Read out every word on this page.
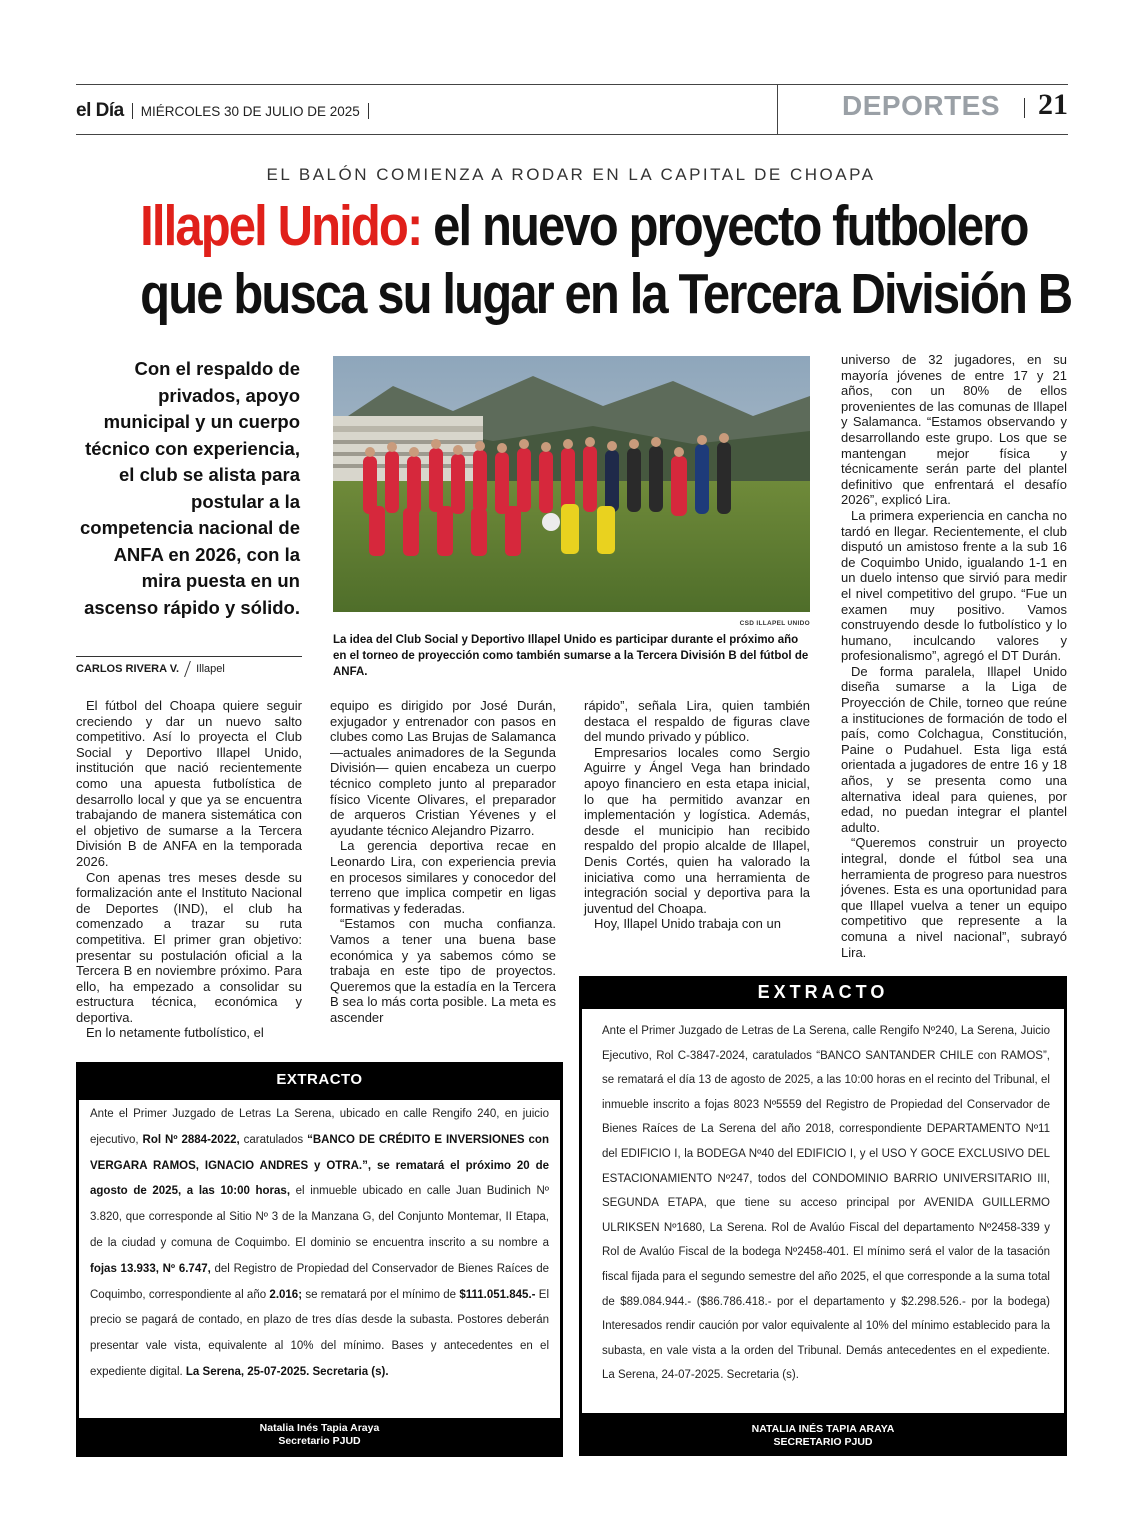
el Día MIÉRCOLES 30 DE JULIO DE 2025	DEPORTES 21
EL BALÓN COMIENZA A RODAR EN LA CAPITAL DE CHOAPA
Illapel Unido: el nuevo proyecto futbolero
que busca su lugar en la Tercera División B
Con el respaldo de privados, apoyo municipal y un cuerpo técnico con experiencia, el club se alista para postular a la competencia nacional de ANFA en 2026, con la mira puesta en un ascenso rápido y sólido.
CARLOS RIVERA V. Illapel
CSD ILLAPEL UNIDO
La idea del Club Social y Deportivo Illapel Unido es participar durante el próximo año en el torneo de proyección como también sumarse a la Tercera División B del fútbol de ANFA.

El fútbol del Choapa quiere seguir creciendo y dar un nuevo salto competitivo. Así lo proyecta el Club Social y Deportivo Illapel Unido, institución que nació recientemente como una apuesta futbolística de desarrollo local y que ya se encuentra trabajando de manera sistemática con el objetivo de sumarse a la Tercera División B de ANFA en la temporada 2026.

Con apenas tres meses desde su formalización ante el Instituto Nacional de Deportes (IND), el club ha comenzado a trazar su ruta competitiva. El primer gran objetivo: presentar su postulación oficial a la Tercera B en noviembre próximo. Para ello, ha empezado a consolidar su estructura técnica, económica y deportiva.

En lo netamente futbolístico, el

equipo es dirigido por José Durán, exjugador y entrenador con pasos en clubes como Las Brujas de Salamanca —actuales animadores de la Segunda División— quien encabeza un cuerpo técnico completo junto al preparador físico Vicente Olivares, el preparador de arqueros Cristian Yévenes y el ayudante técnico Alejandro Pizarro.

La gerencia deportiva recae en Leonardo Lira, con experiencia previa en procesos similares y conocedor del terreno que implica competir en ligas formativas y federadas.

“Estamos con mucha confianza. Vamos a tener una buena base económica y ya sabemos cómo se trabaja en este tipo de proyectos. Queremos que la estadía en la Tercera B sea lo más corta posible. La meta es ascender

rápido”, señala Lira, quien también destaca el respaldo de figuras clave del mundo privado y público.

Empresarios locales como Sergio Aguirre y Ángel Vega han brindado apoyo financiero en esta etapa inicial, lo que ha permitido avanzar en implementación y logística. Además, desde el municipio han recibido respaldo del propio alcalde de Illapel, Denis Cortés, quien ha valorado la iniciativa como una herramienta de integración social y deportiva para la juventud del Choapa.

Hoy, Illapel Unido trabaja con un

universo de 32 jugadores, en su mayoría jóvenes de entre 17 y 21 años, con un 80% de ellos provenientes de las comunas de Illapel y Salamanca. “Estamos observando y desarrollando este grupo. Los que se mantengan mejor física y técnicamente serán parte del plantel definitivo que enfrentará el desafío 2026”, explicó Lira.

La primera experiencia en cancha no tardó en llegar. Recientemente, el club disputó un amistoso frente a la sub 16 de Coquimbo Unido, igualando 1-1 en un duelo intenso que sirvió para medir el nivel competitivo del grupo. “Fue un examen muy positivo. Vamos construyendo desde lo futbolístico y lo humano, inculcando valores y profesionalismo”, agregó el DT Durán.

De forma paralela, Illapel Unido diseña sumarse a la Liga de Proyección de Chile, torneo que reúne a instituciones de formación de todo el país, como Colchagua, Constitución, Paine o Pudahuel. Esta liga está orientada a jugadores de entre 16 y 18 años, y se presenta como una alternativa ideal para quienes, por edad, no puedan integrar el plantel adulto.

“Queremos construir un proyecto integral, donde el fútbol sea una herramienta de progreso para nuestros jóvenes. Esta es una oportunidad para que Illapel vuelva a tener un equipo competitivo que represente a la comuna a nivel nacional”, subrayó Lira.

EXTRACTO
Ante el Primer Juzgado de Letras La Serena, ubicado en calle Rengifo 240, en juicio ejecutivo, Rol Nº 2884-2022, caratulados “BANCO DE CRÉDITO E INVERSIONES con VERGARA RAMOS, IGNACIO ANDRES y OTRA.”, se rematará el próximo 20 de agosto de 2025, a las 10:00 horas, el inmueble ubicado en calle Juan Budinich Nº 3.820, que corresponde al Sitio Nº 3 de la Manzana G, del Conjunto Montemar, II Etapa, de la ciudad y comuna de Coquimbo. El dominio se encuentra inscrito a su nombre a fojas 13.933, Nº 6.747, del Registro de Propiedad del Conservador de Bienes Raíces de Coquimbo, correspondiente al año 2.016; se rematará por el mínimo de $111.051.845.- El precio se pagará de contado, en plazo de tres días desde la subasta. Postores deberán presentar vale vista, equivalente al 10% del mínimo. Bases y antecedentes en el expediente digital. La Serena, 25-07-2025. Secretaria (s).
Natalia Inés Tapia Araya
Secretario PJUD
EXTRACTO
Ante el Primer Juzgado de Letras de La Serena, calle Rengifo Nº240, La Serena, Juicio Ejecutivo, Rol C-3847-2024, caratulados “BANCO SANTANDER CHILE con RAMOS”, se rematará el día 13 de agosto de 2025, a las 10:00 horas en el recinto del Tribunal, el inmueble inscrito a fojas 8023 Nº5559 del Registro de Propiedad del Conservador de Bienes Raíces de La Serena del año 2018, correspondiente DEPARTAMENTO Nº11 del EDIFICIO I, la BODEGA Nº40 del EDIFICIO I, y el USO Y GOCE EXCLUSIVO DEL ESTACIONAMIENTO Nº247, todos del CONDOMINIO BARRIO UNIVERSITARIO III, SEGUNDA ETAPA, que tiene su acceso principal por AVENIDA GUILLERMO ULRIKSEN Nº1680, La Serena. Rol de Avalúo Fiscal del departamento Nº2458-339 y Rol de Avalúo Fiscal de la bodega Nº2458-401. El mínimo será el valor de la tasación fiscal fijada para el segundo semestre del año 2025, el que corresponde a la suma total de $89.084.944.- ($86.786.418.- por el departamento y $2.298.526.- por la bodega) Interesados rendir caución por valor equivalente al 10% del mínimo establecido para la subasta, en vale vista a la orden del Tribunal. Demás antecedentes en el expediente. La Serena, 24-07-2025. Secretaria (s).
NATALIA INÉS TAPIA ARAYA
SECRETARIO PJUD
